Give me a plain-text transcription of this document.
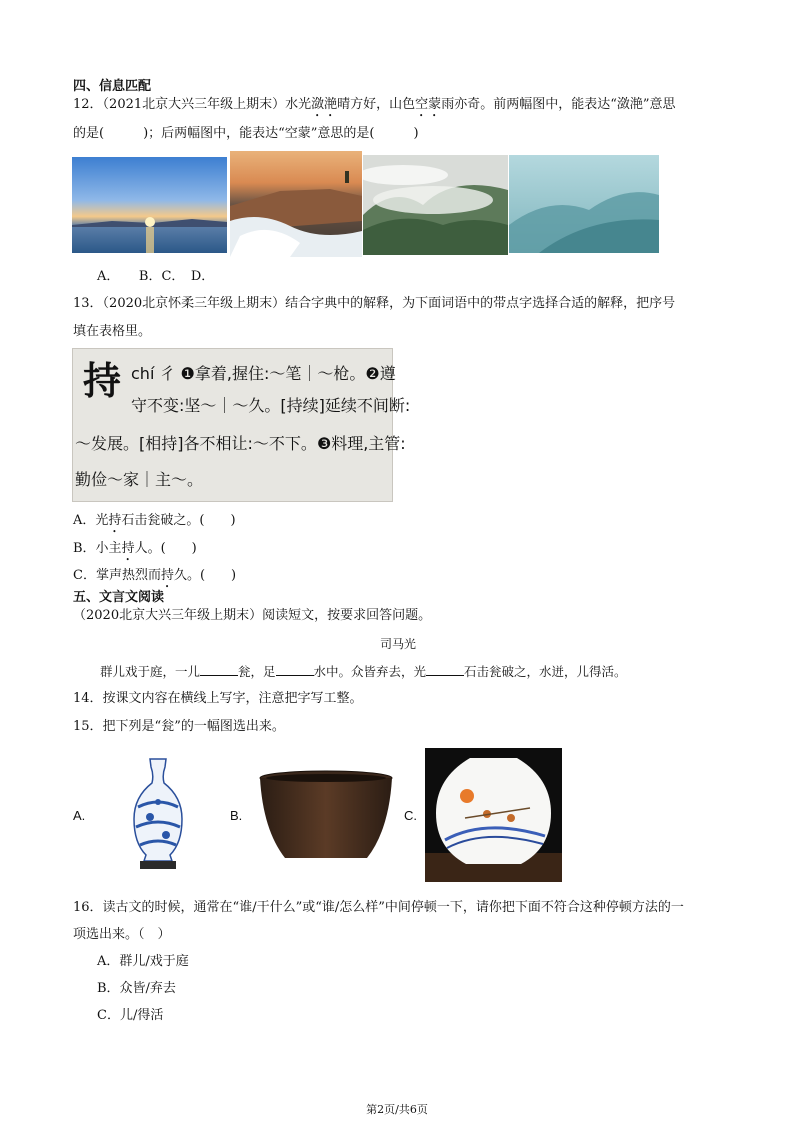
四、信息匹配
12．（2021北京大兴三年级上期末）水光潋滟晴方好，山色空蒙雨亦奇。前两幅图中，能表达“潋滟”意思
的是(　　　)；后两幅图中，能表达“空蒙”意思的是(　　　)
A．　　B．C．　D．
13．（2020北京怀柔三年级上期末）结合字典中的解释，为下面词语中的带点字选择合适的解释，把序号
填在表格里。
持 chí 彳 ❶拿着,握住:～笔｜～枪。❷遵
守不变:坚～｜～久。[持续]延续不间断:
～发展。[相持]各不相让:～不下。❸料理,主管:
勤俭～家｜主～。
A．光持石击瓮破之。(　　)
B．小主持人。(　　)
C．掌声热烈而持久。(　　)
五、文言文阅读
（2020北京大兴三年级上期末）阅读短文，按要求回答问题。
司马光
群儿戏于庭，一儿	瓮，足	水中。众皆弃去，光	石击瓮破之，水迸，儿得活。
14．按课文内容在横线上写字，注意把字写工整。
15．把下列是“瓮”的一幅图选出来。
A.	B.	C.
16．读古文的时候，通常在“谁/干什么”或“谁/怎么样”中间停顿一下，请你把下面不符合这种停顿方法的一
项选出来。（　）
A．群儿/戏于庭
B．众皆/弃去
C．儿/得活
第2页/共6页
